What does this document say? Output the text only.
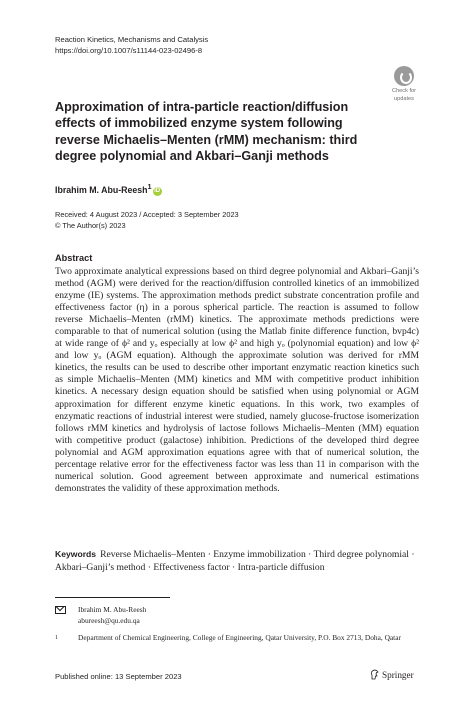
Reaction Kinetics, Mechanisms and Catalysis
https://doi.org/10.1007/s11144-023-02496-8
Check for
updates
Approximation of intra-particle reaction/diffusion effects of immobilized enzyme system following reverse Michaelis–Menten (rMM) mechanism: third degree polynomial and Akbari–Ganji methods
Ibrahim M. Abu-Reesh$^1$ iD
Received: 4 August 2023 / Accepted: 3 September 2023
© The Author(s) 2023
Abstract

Two approximate analytical expressions based on third degree polynomial and Akbari–Ganji’s method (AGM) were derived for the reaction/diffusion controlled kinetics of an immobilized enzyme (IE) systems. The approximation methods predict substrate concentration profile and effectiveness factor (η) in a porous spherical particle. The reaction is assumed to follow reverse Michaelis–Menten (rMM) kinetics. The approximate methods predictions were comparable to that of numerical solution (using the Matlab finite difference function, bvp4c) at wide range of ϕ² and yₒ especially at low ϕ² and high yₒ (polynomial equation) and low ϕ² and low yₒ (AGM equation). Although the approximate solution was derived for rMM kinetics, the results can be used to describe other important enzymatic reaction kinetics such as simple Michaelis–Menten (MM) kinetics and MM with competitive product inhibition kinetics. A necessary design equation should be satisfied when using polynomial or AGM approximation for different enzyme kinetic equations. In this work, two examples of enzymatic reactions of industrial interest were studied, namely glucose-fructose isomerization follows rMM kinetics and hydrolysis of lactose follows Michaelis–Menten (MM) equation with competitive product (galactose) inhibition. Predictions of the developed third degree polynomial and AGM approximation equations agree with that of numerical solution, the percentage relative error for the effectiveness factor was less than 11 in comparison with the numerical solution. Good agreement between approximate and numerical estimations demonstrates the validity of these approximation methods.

Keywords Reverse Michaelis–Menten · Enzyme immobilization · Third degree polynomial · Akbari–Ganji’s method · Effectiveness factor · Intra-particle diffusion
Ibrahim M. Abu-Reesh
abureesh@qu.edu.qa
1	Department of Chemical Engineering, College of Engineering, Qatar University, P.O. Box 2713, Doha, Qatar
Published online: 13 September 2023	Springer
